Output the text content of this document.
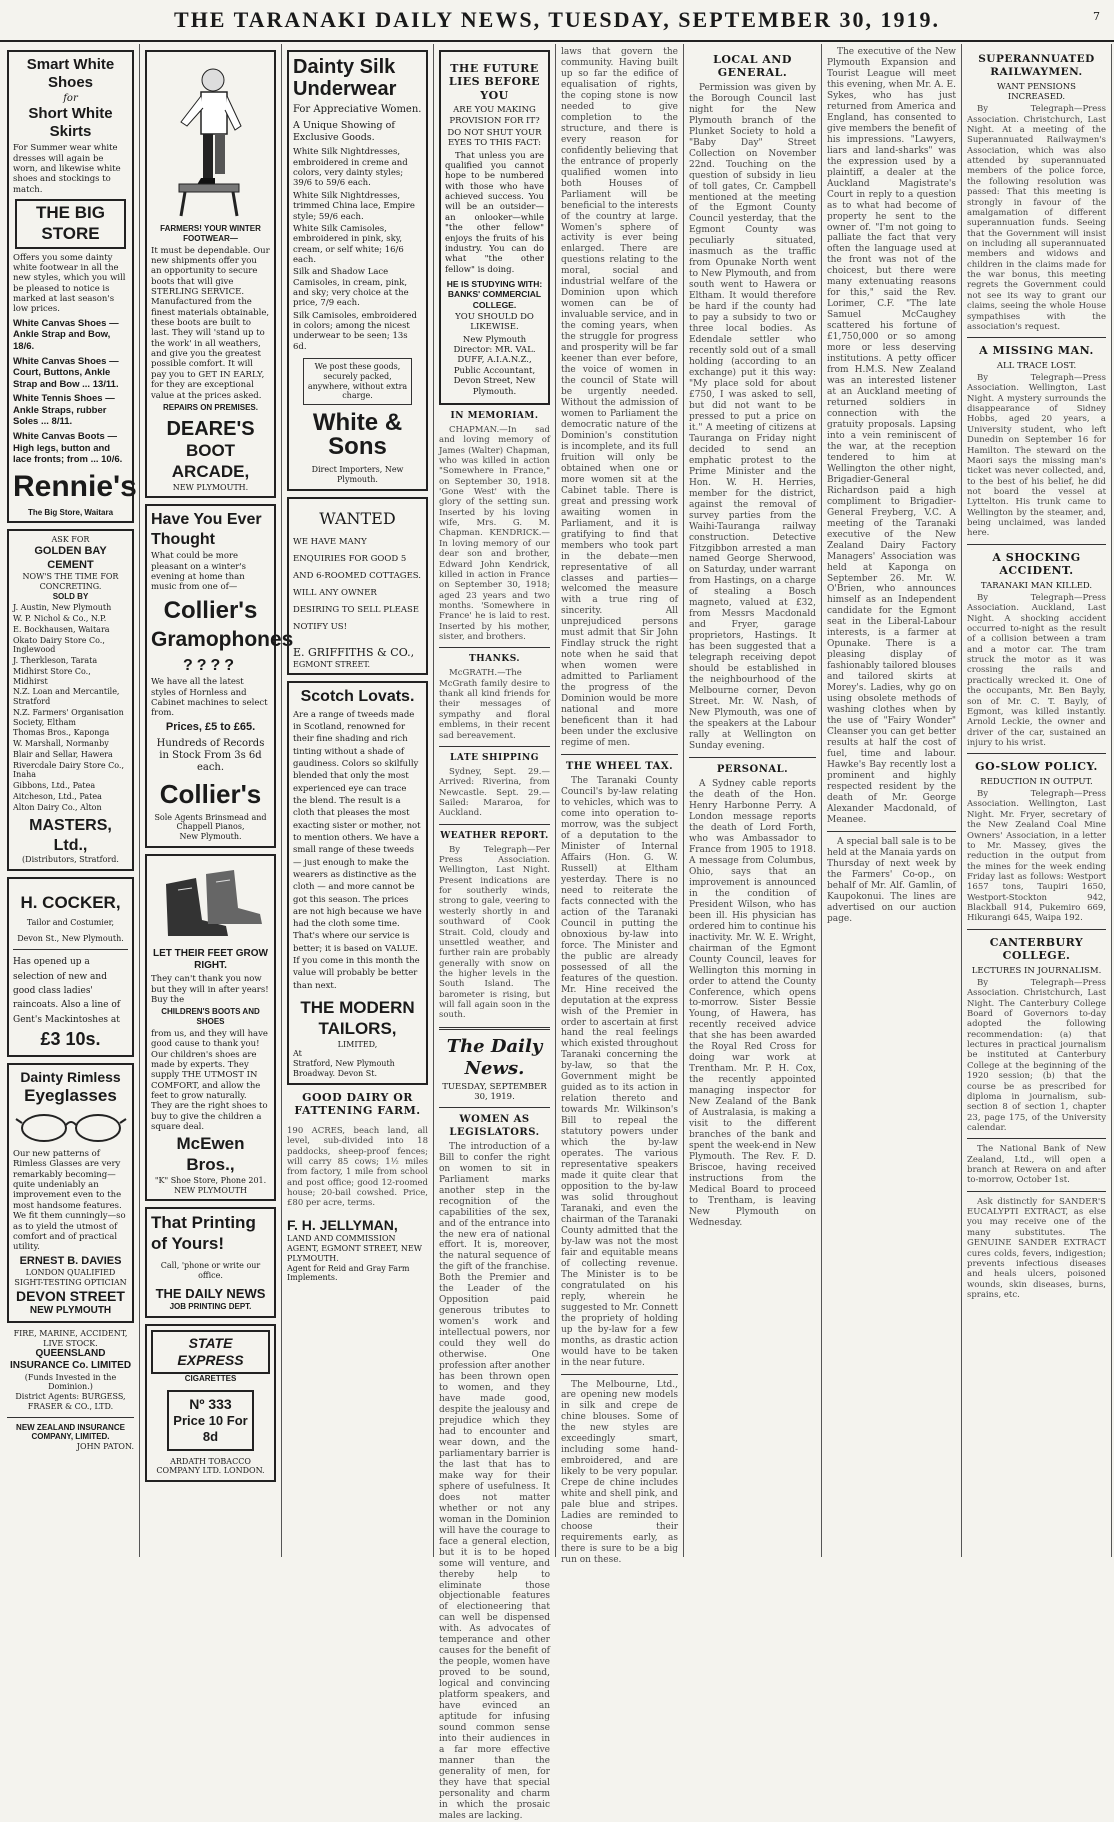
THE TARANAKI DAILY NEWS, TUESDAY, SEPTEMBER 30, 1919.	7
Smart White Shoes
for
Short White Skirts

For Summer wear white dresses will again be worn, and likewise white shoes and stockings to match.

THE BIG STORE

Offers you some dainty white footwear in all the new styles, which you will be pleased to notice is marked at last season's low prices.

White Canvas Shoes — Ankle Strap and Bow, 18/6.
White Canvas Shoes — Court, Buttons, Ankle Strap and Bow ... 13/11.
White Tennis Shoes — Ankle Straps, rubber Soles ... 8/11.
White Canvas Boots — High legs, button and lace fronts; from ... 10/6.
Rennie's
The Big Store, Waitara
ASK FOR
GOLDEN BAY CEMENT
NOW'S THE TIME FOR CONCRETING.
SOLD BY
J. Austin, New Plymouth
W. P. Nichol & Co., N.P.
E. Bockhausen, Waitara
Okato Dairy Store Co., Inglewood
J. Therkleson, Tarata
Midhirst Store Co., Midhirst
N.Z. Loan and Mercantile, Stratford
N.Z. Farmers' Organisation Society, Eltham
Thomas Bros., Kaponga
W. Marshall, Normanby
Blair and Sellar, Hawera
Rivercdale Dairy Store Co., Inaha
Gibbons, Ltd., Patea
Aitcheson, Ltd., Patea
Alton Dairy Co., Alton
MASTERS, Ltd.,
(Distributors, Stratford.
H. COCKER,
Tailor and Costumier,
Devon St., New Plymouth.

Has opened up a selection of new and good class ladies' raincoats. Also a line of Gent's Mackintoshes at

£3 10s.
Dainty Rimless
Eyeglasses

Our new patterns of Rimless Glasses are very remarkably becoming—quite undeniably an improvement even to the most handsome features. We fit them cunningly—so as to yield the utmost of comfort and of practical utility.

ERNEST B. DAVIES
LONDON QUALIFIED SIGHT-TESTING OPTICIAN
DEVON STREET
NEW PLYMOUTH
FIRE, MARINE, ACCIDENT, LIVE STOCK.
QUEENSLAND INSURANCE Co. LIMITED
(Funds Invested in the Dominion.)
District Agents: BURGESS, FRASER & CO., LTD.
NEW ZEALAND INSURANCE COMPANY, LIMITED.
JOHN PATON.
FARMERS! YOUR WINTER FOOTWEAR—

It must be dependable. Our new shipments offer you an opportunity to secure boots that will give STERLING SERVICE. Manufactured from the finest materials obtainable, these boots are built to last. They will 'stand up to the work' in all weathers, and give you the greatest possible comfort. It will pay you to GET IN EARLY, for they are exceptional value at the prices asked.

REPAIRS ON PREMISES.
DEARE'S
BOOT ARCADE,
NEW PLYMOUTH.
Have You Ever Thought

What could be more pleasant on a winter's evening at home than music from one of—

Collier's
Gramophones
????

We have all the latest styles of Hornless and Cabinet machines to select from.

Prices, £5 to £65.
Hundreds of Records in Stock From 3s 6d each.
Collier's
Sole Agents Brinsmead and Chappell Pianos,
New Plymouth.
LET THEIR FEET GROW RIGHT.

They can't thank you now but they will in after years! Buy the

CHILDREN'S BOOTS AND SHOES

from us, and they will have good cause to thank you! Our children's shoes are made by experts. They supply THE UTMOST IN COMFORT, and allow the feet to grow naturally. They are the right shoes to buy to give the children a square deal.

McEwen Bros.,
"K" Shoe Store, Phone 201. NEW PLYMOUTH
That Printing of Yours!
Call, 'phone or write our office.
THE DAILY NEWS
JOB PRINTING DEPT.
STATE EXPRESS
CIGARETTES
Nº 333
Price 10 For 8d
ARDATH TOBACCO COMPANY LTD. LONDON.
Dainty Silk Underwear
For Appreciative Women.
A Unique Showing of Exclusive Goods.

White Silk Nightdresses, embroidered in creme and colors, very dainty styles; 39/6 to 59/6 each.

White Silk Nightdresses, trimmed China lace, Empire style; 59/6 each.

White Silk Camisoles, embroidered in pink, sky, cream, or self white; 16/6 each.

Silk and Shadow Lace Camisoles, in cream, pink, and sky; very choice at the price, 7/9 each.

Silk Camisoles, embroidered in colors; among the nicest underwear to be seen; 13s 6d.

We post these goods, securely packed, anywhere, without extra charge.
White & Sons
Direct Importers, New Plymouth.
WANTED

WE HAVE MANY ENQUIRIES FOR GOOD 5 AND 6-ROOMED COTTAGES. WILL ANY OWNER DESIRING TO SELL PLEASE NOTIFY US!

E. GRIFFITHS & CO.,
EGMONT STREET.
Scotch Lovats.

Are a range of tweeds made in Scotland, renowned for their fine shading and rich tinting without a shade of gaudiness. Colors so skilfully blended that only the most experienced eye can trace the blend. The result is a cloth that pleases the most exacting sister or mother, not to mention others. We have a small range of these tweeds — just enough to make the wearers as distinctive as the cloth — and more cannot be got this season. The prices are not high because we have had the cloth some time. That's where our service is better; it is based on VALUE. If you come in this month the value will probably be better than next.

THE MODERN TAILORS,
LIMITED,
At
Stratford, New Plymouth
Broadway. Devon St.
GOOD DAIRY OR FATTENING FARM.

190 ACRES, beach land, all level, sub-divided into 18 paddocks, sheep-proof fences; will carry 85 cows; 1½ miles from factory, 1 mile from school and post office; good 12-roomed house; 20-bail cowshed. Price, £80 per acre, terms.

F. H. JELLYMAN,
LAND AND COMMISSION AGENT, EGMONT STREET, NEW PLYMOUTH.
Agent for Reid and Gray Farm Implements.
THE FUTURE LIES BEFORE YOU
ARE YOU MAKING PROVISION FOR IT?
DO NOT SHUT YOUR EYES TO THIS FACT:

That unless you are qualified you cannot hope to be numbered with those who have achieved success. You will be an outsider—an onlooker—while "the other fellow" enjoys the fruits of his industry. You can do what "the other fellow" is doing.

HE IS STUDYING WITH: BANKS' COMMERCIAL COLLEGE.
YOU SHOULD DO LIKEWISE.
New Plymouth Director: MR. VAL. DUFF, A.I.A.N.Z., Public Accountant, Devon Street, New Plymouth.
IN MEMORIAM.

CHAPMAN.—In sad and loving memory of James (Walter) Chapman, who was killed in action "Somewhere in France," on September 30, 1918. 'Gone West' with the glory of the setting sun. Inserted by his loving wife, Mrs. G. M. Chapman. KENDRICK.—In loving memory of our dear son and brother, Edward John Kendrick, killed in action in France on September 30, 1918; aged 23 years and two months. 'Somewhere in France' he is laid to rest. Inserted by his mother, sister, and brothers.

THANKS.

McGRATH.—The McGrath family desire to thank all kind friends for their messages of sympathy and floral emblems, in their recent sad bereavement.

LATE SHIPPING

Sydney, Sept. 29.—Arrived: Riverina, from Newcastle. Sept. 29.—Sailed: Mararoa, for Auckland.

WEATHER REPORT.

By Telegraph—Per Press Association. Wellington, Last Night. Present indications are for southerly winds, strong to gale, veering to westerly shortly in and southward of Cook Strait. Cold, cloudy and unsettled weather, and further rain are probably generally with snow on the higher levels in the South Island. The barometer is rising, but will fall again soon in the south.

The Daily News.
TUESDAY, SEPTEMBER 30, 1919.
WOMEN AS LEGISLATORS.

The introduction of a Bill to confer the right on women to sit in Parliament marks another step in the recognition of the capabilities of the sex, and of the entrance into the new era of national effort. It is, moreover, the natural sequence of the gift of the franchise. Both the Premier and the Leader of the Opposition paid generous tributes to women's work and intellectual powers, nor could they well do otherwise. One profession after another has been thrown open to women, and they have made good, despite the jealousy and prejudice which they had to encounter and wear down, and the parliamentary barrier is the last that has to make way for their sphere of usefulness. It does not matter whether or not any woman in the Dominion will have the courage to face a general election, but it is to be hoped some will venture, and thereby help to eliminate those objectionable features of electioneering that can well be dispensed with. As advocates of temperance and other causes for the benefit of the people, women have proved to be sound, logical and convincing platform speakers, and have evinced an aptitude for infusing sound common sense into their audiences in a far more effective manner than the generality of men, for they have that special personality and charm in which the prosaic males are lacking.

laws that govern the community. Having built up so far the edifice of equalisation of rights, the coping stone is now needed to give completion to the structure, and there is every reason for confidently believing that the entrance of properly qualified women into both Houses of Parliament will be beneficial to the interests of the country at large. Women's sphere of activity is ever being enlarged. There are questions relating to the moral, social and industrial welfare of the Dominion upon which women can be of invaluable service, and in the coming years, when the struggle for progress and prosperity will be far keener than ever before, the voice of women in the council of State will be urgently needed. Without the admission of women to Parliament the democratic nature of the Dominion's constitution is incomplete, and its full fruition will only be obtained when one or more women sit at the Cabinet table. There is great and pressing work awaiting women in Parliament, and it is gratifying to find that members who took part in the debate—men representative of all classes and parties—welcomed the measure with a true ring of sincerity. All unprejudiced persons must admit that Sir John Findlay struck the right note when he said that when women were admitted to Parliament the progress of the Dominion would be more national and more beneficent than it had been under the exclusive regime of men.

THE WHEEL TAX.

The Taranaki County Council's by-law relating to vehicles, which was to come into operation to-morrow, was the subject of a deputation to the Minister of Internal Affairs (Hon. G. W. Russell) at Eltham yesterday. There is no need to reiterate the facts connected with the action of the Taranaki Council in putting the obnoxious by-law into force. The Minister and the public are already possessed of all the features of the question. Mr. Hine received the deputation at the express wish of the Premier in order to ascertain at first hand the real feelings which existed throughout Taranaki concerning the by-law, so that the Government might be guided as to its action in relation thereto and towards Mr. Wilkinson's Bill to repeal the statutory powers under which the by-law operates. The various representative speakers made it quite clear that opposition to the by-law was solid throughout Taranaki, and even the chairman of the Taranaki County admitted that the by-law was not the most fair and equitable means of collecting revenue. The Minister is to be congratulated on his reply, wherein he suggested to Mr. Connett the propriety of holding up the by-law for a few months, as drastic action would have to be taken in the near future.

The Melbourne, Ltd., are opening new models in silk and crepe de chine blouses. Some of the new styles are exceedingly smart, including some hand-embroidered, and are likely to be very popular. Crepe de chine includes white and shell pink, and pale blue and stripes. Ladies are reminded to choose their requirements early, as there is sure to be a big run on these.

LOCAL AND GENERAL.

Permission was given by the Borough Council last night for the New Plymouth branch of the Plunket Society to hold a "Baby Day" Street Collection on November 22nd. Touching on the question of subsidy in lieu of toll gates, Cr. Campbell mentioned at the meeting of the Egmont County Council yesterday, that the Egmont County was peculiarly situated, inasmuch as the traffic from Opunake North went to New Plymouth, and from south went to Hawera or Eltham. It would therefore be hard if the county had to pay a subsidy to two or three local bodies. As Edendale settler who recently sold out of a small holding (according to an exchange) put it this way: "My place sold for about £750, I was asked to sell, but did not want to be pressed to put a price on it." A meeting of citizens at Tauranga on Friday night decided to send an emphatic protest to the Prime Minister and the Hon. W. H. Herries, member for the district, against the removal of survey parties from the Waihi-Tauranga railway construction. Detective Fitzgibbon arrested a man named George Sherwood, on Saturday, under warrant from Hastings, on a charge of stealing a Bosch magneto, valued at £32, from Messrs Macdonald and Fryer, garage proprietors, Hastings. It has been suggested that a telegraph receiving depot should be established in the neighbourhood of the Melbourne corner, Devon Street. Mr. W. Nash, of New Plymouth, was one of the speakers at the Labour rally at Wellington on Sunday evening.

PERSONAL.

A Sydney cable reports the death of the Hon. Henry Harbonne Perry. A London message reports the death of Lord Forth, who was Ambassador to France from 1905 to 1918. A message from Columbus, Ohio, says that an improvement is announced in the condition of President Wilson, who has been ill. His physician has ordered him to continue his inactivity. Mr. W. E. Wright, chairman of the Egmont County Council, leaves for Wellington this morning in order to attend the County Conference, which opens to-morrow. Sister Bessie Young, of Hawera, has recently received advice that she has been awarded the Royal Red Cross for doing war work at Trentham. Mr. P. H. Cox, the recently appointed managing inspector for New Zealand of the Bank of Australasia, is making a visit to the different branches of the bank and spent the week-end in New Plymouth. The Rev. F. D. Briscoe, having received instructions from the Medical Board to proceed to Trentham, is leaving New Plymouth on Wednesday.

The executive of the New Plymouth Expansion and Tourist League will meet this evening, when Mr. A. E. Sykes, who has just returned from America and England, has consented to give members the benefit of his impressions. "Lawyers, liars and land-sharks" was the expression used by a plaintiff, a dealer at the Auckland Magistrate's Court in reply to a question as to what had become of property he sent to the owner of. "I'm not going to palliate the fact that very often the language used at the front was not of the choicest, but there were many extenuating reasons for this," said the Rev. Lorimer, C.F. "The late Samuel McCaughey scattered his fortune of £1,750,000 or so among more or less deserving institutions. A petty officer from H.M.S. New Zealand was an interested listener at an Auckland meeting of returned soldiers in connection with the gratuity proposals. Lapsing into a vein reminiscent of the war, at the reception tendered to him at Wellington the other night, Brigadier-General Richardson paid a high compliment to Brigadier-General Freyberg, V.C. A meeting of the Taranaki executive of the New Zealand Dairy Factory Managers' Association was held at Kaponga on September 26. Mr. W. O'Brien, who announces himself as an Independent candidate for the Egmont seat in the Liberal-Labour interests, is a farmer at Opunake. There is a pleasing display of fashionably tailored blouses and tailored skirts at Morey's. Ladies, why go on using obsolete methods of washing clothes when by the use of "Fairy Wonder" Cleanser you can get better results at half the cost of fuel, time and labour. Hawke's Bay recently lost a prominent and highly respected resident by the death of Mr. George Alexander Macdonald, of Meanee.

A special ball sale is to be held at the Manaia yards on Thursday of next week by the Farmers' Co-op., on behalf of Mr. Alf. Gamlin, of Kaupokonui. The lines are advertised on our auction page.

SUPERANNUATED RAILWAYMEN.
WANT PENSIONS INCREASED.

By Telegraph—Press Association. Christchurch, Last Night. At a meeting of the Superannuated Railwaymen's Association, which was also attended by superannuated members of the police force, the following resolution was passed: That this meeting is strongly in favour of the amalgamation of different superannuation funds. Seeing that the Government will insist on including all superannuated members and widows and children in the claims made for the war bonus, this meeting regrets the Government could not see its way to grant our claims, seeing the whole House sympathises with the association's request.

A MISSING MAN.
ALL TRACE LOST.

By Telegraph—Press Association. Wellington, Last Night. A mystery surrounds the disappearance of Sidney Hobbs, aged 20 years, a University student, who left Dunedin on September 16 for Hamilton. The steward on the Maori says the missing man's ticket was never collected, and, to the best of his belief, he did not board the vessel at Lyttelton. His trunk came to Wellington by the steamer, and, being unclaimed, was landed here.

A SHOCKING ACCIDENT.
TARANAKI MAN KILLED.

By Telegraph—Press Association. Auckland, Last Night. A shocking accident occurred to-night as the result of a collision between a tram and a motor car. The tram struck the motor as it was crossing the rails and practically wrecked it. One of the occupants, Mr. Ben Bayly, son of Mr. C. T. Bayly, of Egmont, was killed instantly. Arnold Leckie, the owner and driver of the car, sustained an injury to his wrist.

GO-SLOW POLICY.
REDUCTION IN OUTPUT.

By Telegraph—Press Association. Wellington, Last Night. Mr. Fryer, secretary of the New Zealand Coal Mine Owners' Association, in a letter to Mr. Massey, gives the reduction in the output from the mines for the week ending Friday last as follows: Westport 1657 tons, Taupiri 1650, Westport-Stockton 942, Blackball 914, Pukemiro 669, Hikurangi 645, Waipa 192.

CANTERBURY COLLEGE.
LECTURES IN JOURNALISM.

By Telegraph—Press Association. Christchurch, Last Night. The Canterbury College Board of Governors to-day adopted the following recommendation: (a) that lectures in practical journalism be instituted at Canterbury College at the beginning of the 1920 session; (b) that the course be as prescribed for diploma in journalism, sub-section 8 of section 1, chapter 23, page 175, of the University calendar.

The National Bank of New Zealand, Ltd., will open a branch at Rewera on and after to-morrow, October 1st.

Ask distinctly for SANDER'S EUCALYPTI EXTRACT, as else you may receive one of the many substitutes. The GENUINE SANDER EXTRACT cures colds, fevers, indigestion; prevents infectious diseases and heals ulcers, poisoned wounds, skin diseases, burns, sprains, etc.
